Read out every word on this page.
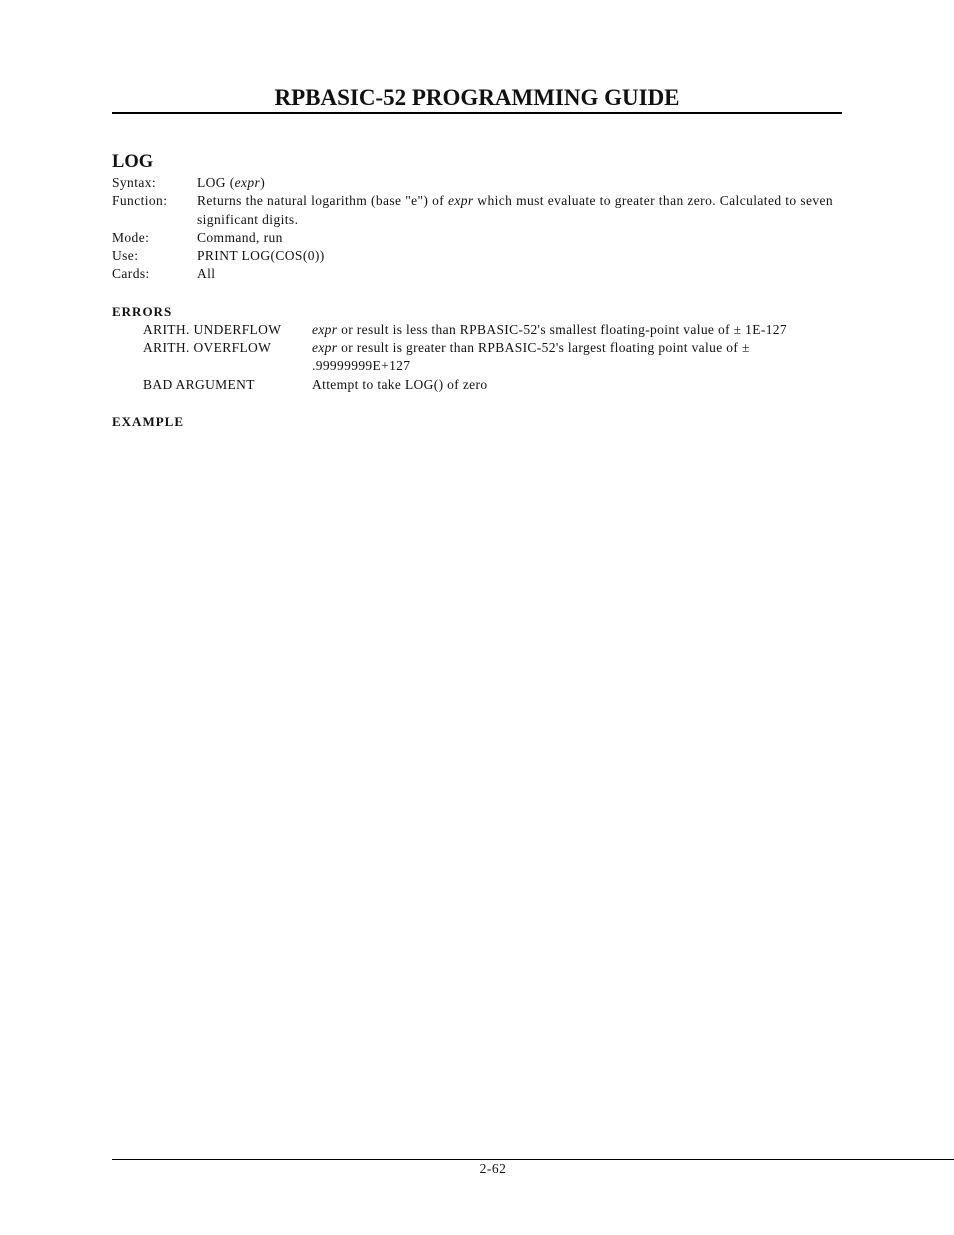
RPBASIC-52 PROGRAMMING GUIDE
LOG
Syntax:	LOG (expr)
Function:	Returns the natural logarithm (base "e") of expr which must evaluate to greater than zero. Calculated to seven significant digits.
Mode:	Command, run
Use:	PRINT LOG(COS(0))
Cards:	All
ERRORS
ARITH. UNDERFLOW	expr or result is less than RPBASIC-52's smallest floating-point value of ± 1E-127
ARITH. OVERFLOW	expr or result is greater than RPBASIC-52's largest floating point value of ± .99999999E+127
BAD ARGUMENT	Attempt to take LOG() of zero
EXAMPLE
2-62
